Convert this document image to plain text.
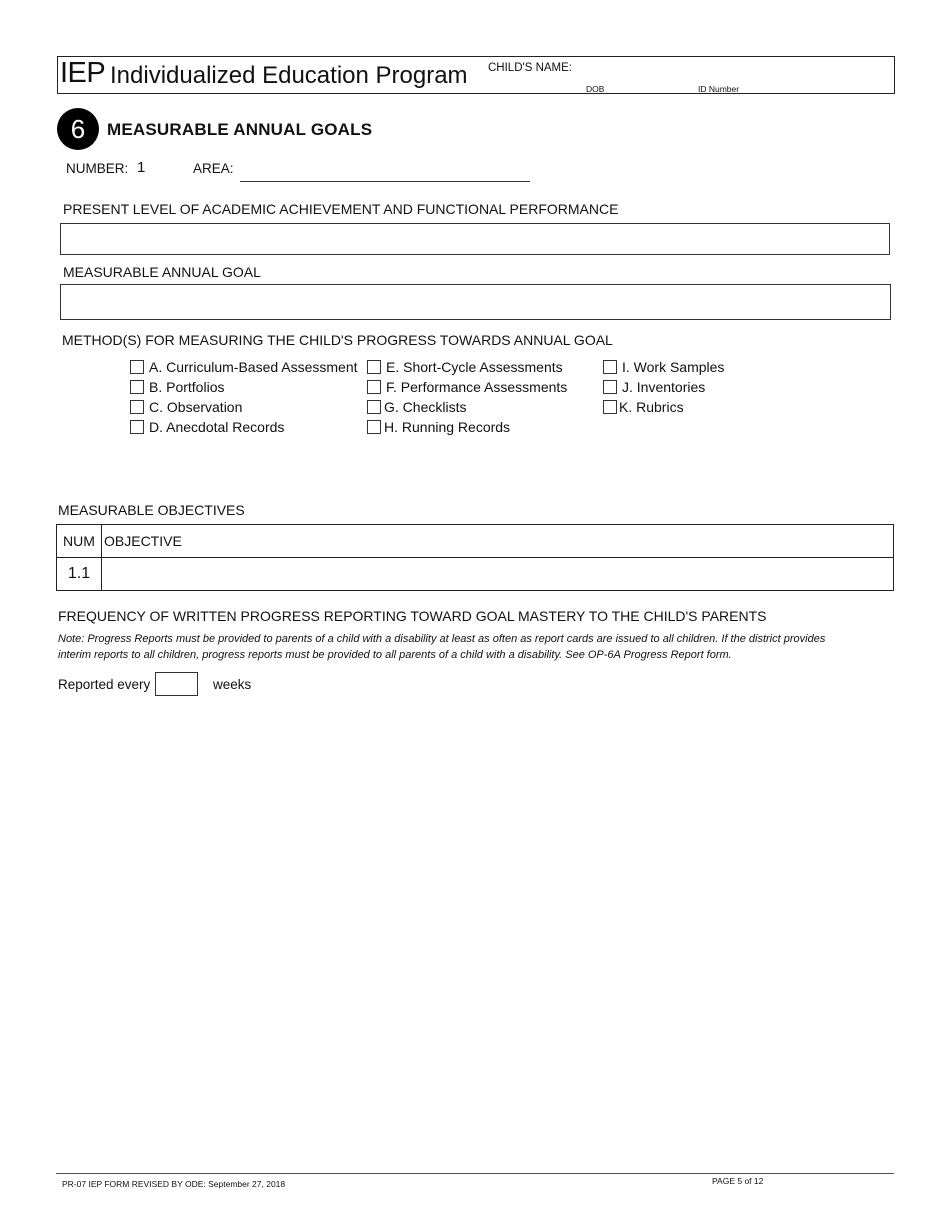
IEP Individualized Education Program CHILD'S NAME:
DOB	ID Number
6	MEASURABLE ANNUAL GOALS
NUMBER: 1	AREA:
PRESENT LEVEL OF ACADEMIC ACHIEVEMENT AND FUNCTIONAL PERFORMANCE
MEASURABLE ANNUAL GOAL
METHOD(S) FOR MEASURING THE CHILD'S PROGRESS TOWARDS ANNUAL GOAL
A. Curriculum-Based Assessment
B. Portfolios
C. Observation
D. Anecdotal Records
E. Short-Cycle Assessments
F. Performance Assessments
G. Checklists
H. Running Records
I. Work Samples
J. Inventories
K. Rubrics
MEASURABLE OBJECTIVES
NUM	OBJECTIVE
1.1	
FREQUENCY OF WRITTEN PROGRESS REPORTING TOWARD GOAL MASTERY TO THE CHILD'S PARENTS
Note: Progress Reports must be provided to parents of a child with a disability at least as often as report cards are issued to all children. If the district provides interim reports to all children, progress reports must be provided to all parents of a child with a disability. See OP-6A Progress Report form.
Reported every	weeks
PR-07 IEP FORM REVISED BY ODE: September 27, 2018	PAGE 5 of 12
